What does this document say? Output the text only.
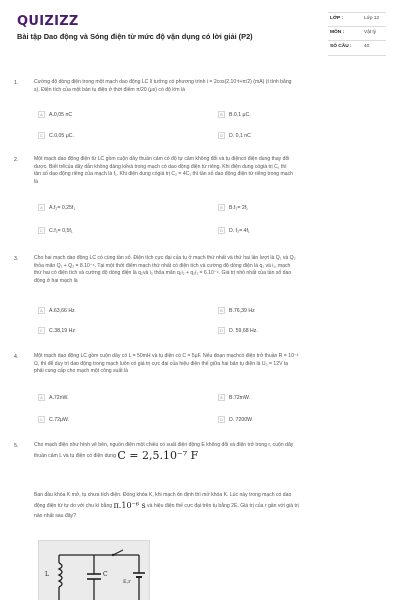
QUIZIZZ
Bài tập Dao động và Sóng điện từ mức độ vận dụng có lời giải (P2)
LỚP :	Lớp 12
MÔN :	Vật lý
SỐ CÂU :	40
1.	Cường độ dòng điện trong một mạch dao động LC lí tưởng có phương trình i = 2cos(2.10⁷t+π/2) (mA) (t tính bằng
s). Điện tích của một bản tụ điện ở thời điểm π/20 (μs) có độ lớn là
A	A.0,05 nC	B	B.0,1 μC.
C	C.0,05 μC.	D	D. 0,1 nC
2.	Một mạch dao động điện từ LC gồm cuộn dây thuần cảm có độ tự cảm không đổi và tụ điệncó điện dung thay đổi
được. Biết trêcủa dây dẫn không đáng kểvà trong mạch có dao động điện từ riêng. Khi điện dung cógiá trị C₁ thì
tần số dao động riêng của mạch là f₁. Khi điện dung cógiá trị C₂ = 4C₁ thì tần số dao động điện từ riêng trong mạch
là
A	A.f₂= 0,25f₁	B	B.f₂= 2f₁
C	C.f₂= 0,5f₁	D	D. f₂= 4f₁
3.	Cho hai mạch dao động LC có cùng tần số. Điện tích cực đại của tụ ở mạch thứ nhất và thứ hai lần lượt là Q₁ và Q₂
thỏa mãn Q₁ + Q₂ = 8.10⁻⁶. Tại một thời điểm mạch thứ nhất có điện tích và cường độ dòng điện là q₁ và i₁, mạch
thứ hai có điện tích và cường độ dòng điện là q₂và i₂ thỏa mãn q₁i₂ + q₂i₁ = 6.10⁻⁹. Giá trị nhỏ nhất của tần số dao
động ở hai mạch là
A	A.63,66 Hz	B	B.76,39 Hz
C	C.38,19 Hz	D	D. 59,68 Hz.
4.	Một mạch dao động LC gồm cuộn dây có L = 50mH và tụ điện có C = 5μF. Nếu đoạn mạchcó điện trở thuần R = 10⁻²
Ω, thì để duy trì dao động trong mạch luôn có giá trị cực đại của hiệu điện thế giữa hai bản tụ điện là U₀ = 12V ta
phải cung cấp cho mạch một công suất là
A	A.72nW.	B	B.72mW.
C	C.72μW.	D	D. 7200W
5.	Cho mạch điện như hình vẽ bên, nguồn điện một chiều có suất điện động E không đổi và điện trở trong r, cuộn dây
thuần cảm L và tụ điện có điện dung C = 2,5.10⁻⁷ F
Ban đầu khóa K mở, tụ chưa tích điện. Đóng khóa K, khi mạch ổn định thì mở khóa K. Lúc này trong mạch có dao
động điện từ tự do với chu kì bằng π.10⁻⁶ s và hiệu điện thế cực đại trên tụ bằng 2E. Giá trị của r gần với giá trị
nào nhất sau đây?
L	C
E,r
